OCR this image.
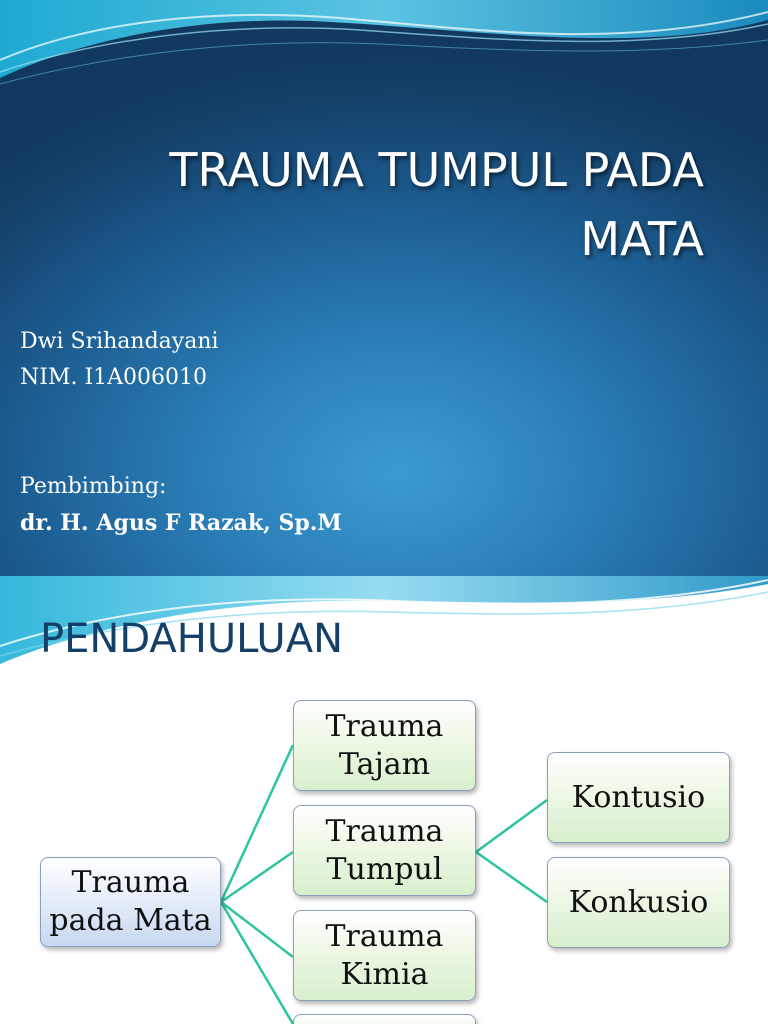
TRAUMA TUMPUL PADA
MATA
Dwi Srihandayani
NIM. I1A006010
Pembimbing:
dr. H. Agus F Razak, Sp.M
PENDAHULUAN
Trauma
pada Mata
Trauma
Tajam
Trauma
Tumpul
Trauma
Kimia
Kontusio
Konkusio
